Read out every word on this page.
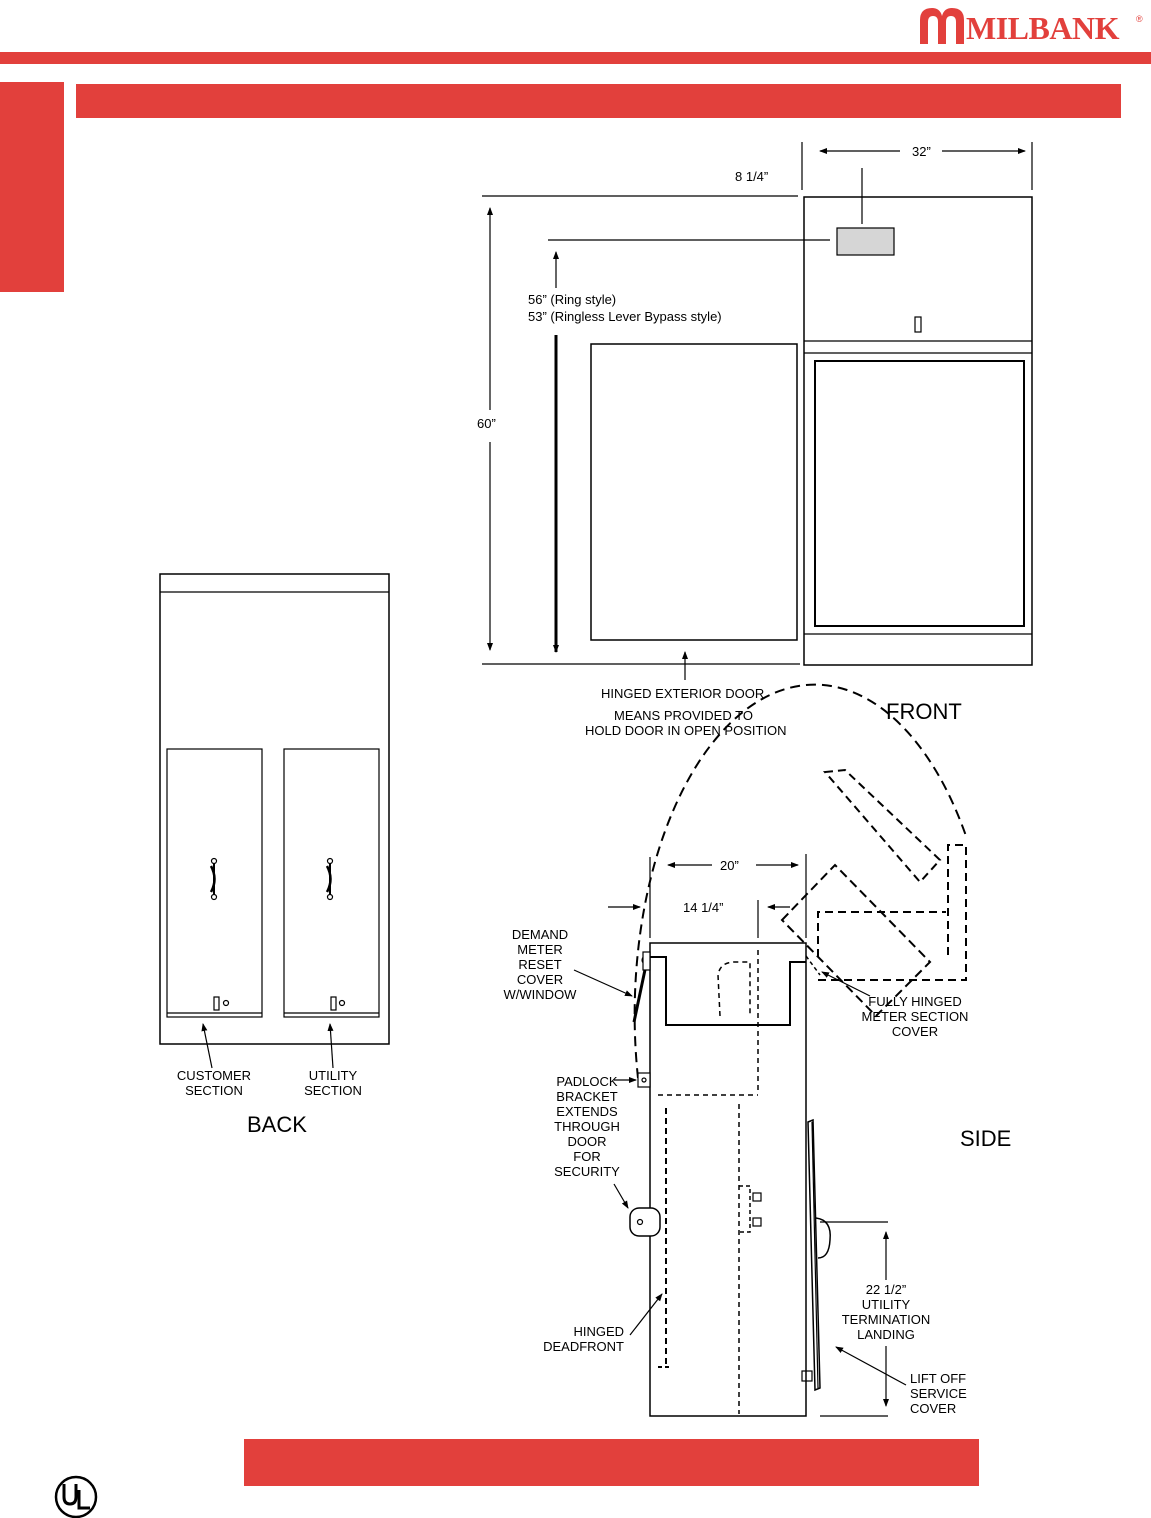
MILBANK ®
32”
8 1/4”
60”
56” (Ring style)
53” (Ringless Lever Bypass style)
HINGED EXTERIOR DOOR
MEANS PROVIDED TO
HOLD DOOR IN OPEN POSITION
FRONT
CUSTOMER
SECTION
UTILITY
SECTION
BACK
20”
14 1/4”
DEMAND
METER
RESET
COVER
W/WINDOW
PADLOCK
BRACKET
EXTENDS
THROUGH
DOOR
FOR
SECURITY
HINGED
DEADFRONT
FULLY HINGED
METER SECTION
COVER
22 1/2”
UTILITY
TERMINATION
LANDING
LIFT OFF
SERVICE
COVER
SIDE
